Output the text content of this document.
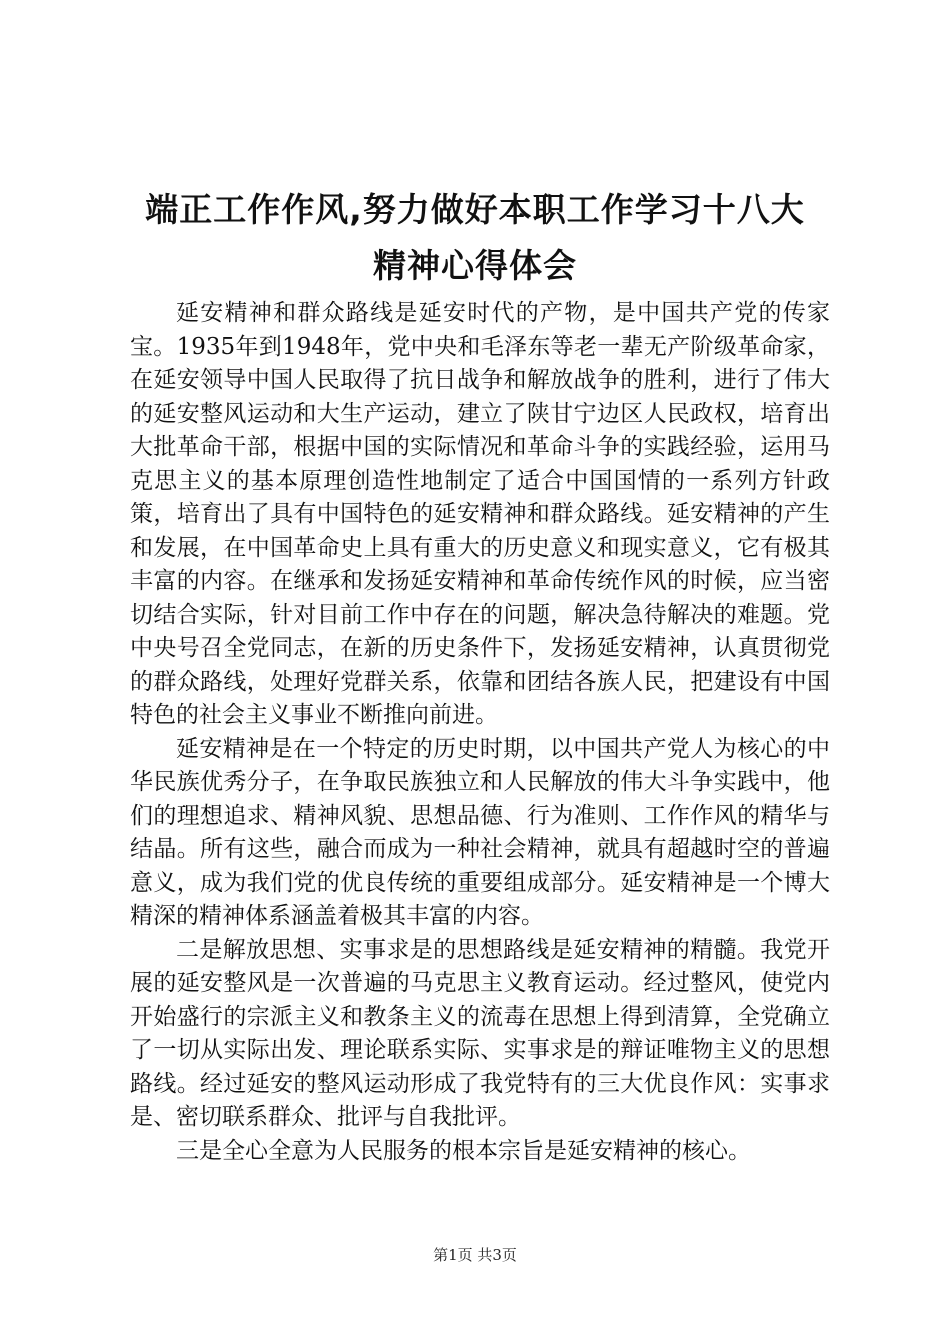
端正工作作风,努力做好本职工作学习十八大
精神心得体会

延安精神和群众路线是延安时代的产物，是中国共产党的传家宝。1935年到1948年，党中央和毛泽东等老一辈无产阶级革命家，在延安领导中国人民取得了抗日战争和解放战争的胜利，进行了伟大的延安整风运动和大生产运动，建立了陕甘宁边区人民政权，培育出大批革命干部，根据中国的实际情况和革命斗争的实践经验，运用马克思主义的基本原理创造性地制定了适合中国国情的一系列方针政策，培育出了具有中国特色的延安精神和群众路线。延安精神的产生和发展，在中国革命史上具有重大的历史意义和现实意义，它有极其丰富的内容。在继承和发扬延安精神和革命传统作风的时候，应当密切结合实际，针对目前工作中存在的问题，解决急待解决的难题。党中央号召全党同志，在新的历史条件下，发扬延安精神，认真贯彻党的群众路线，处理好党群关系，依靠和团结各族人民，把建设有中国特色的社会主义事业不断推向前进。

延安精神是在一个特定的历史时期，以中国共产党人为核心的中华民族优秀分子，在争取民族独立和人民解放的伟大斗争实践中，他们的理想追求、精神风貌、思想品德、行为准则、工作作风的精华与结晶。所有这些，融合而成为一种社会精神，就具有超越时空的普遍意义，成为我们党的优良传统的重要组成部分。延安精神是一个博大精深的精神体系涵盖着极其丰富的内容。

二是解放思想、实事求是的思想路线是延安精神的精髓。我党开展的延安整风是一次普遍的马克思主义教育运动。经过整风，使党内开始盛行的宗派主义和教条主义的流毒在思想上得到清算，全党确立了一切从实际出发、理论联系实际、实事求是的辩证唯物主义的思想路线。经过延安的整风运动形成了我党特有的三大优良作风：实事求是、密切联系群众、批评与自我批评。

三是全心全意为人民服务的根本宗旨是延安精神的核心。

第1页 共3页
